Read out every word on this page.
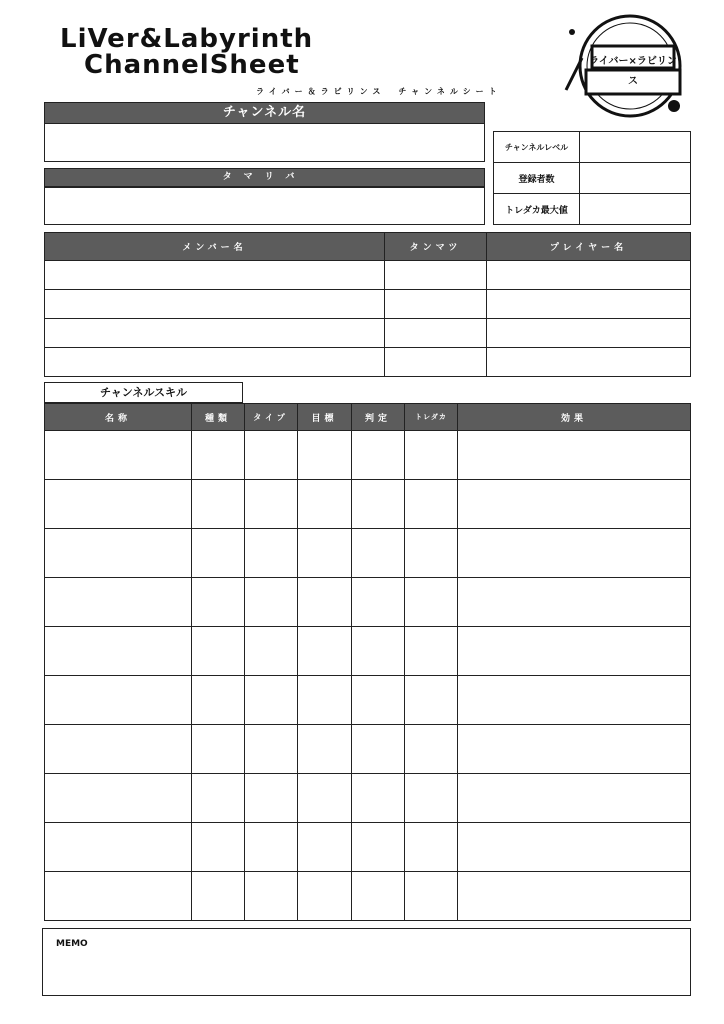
LiVer&Labyrinth
ChannelSheet
ライバー＆ラビリンス　チャンネルシート
ライバー×ラビリンス
チャンネル名
タマリバ
チャンネルレベル	
登録者数	
トレダカ最大値	
メンバー名	タンマツ	プレイヤー名

チャンネルスキル
名称	種類	タイプ	目標	判定	トレダカ	効果

MEMO
